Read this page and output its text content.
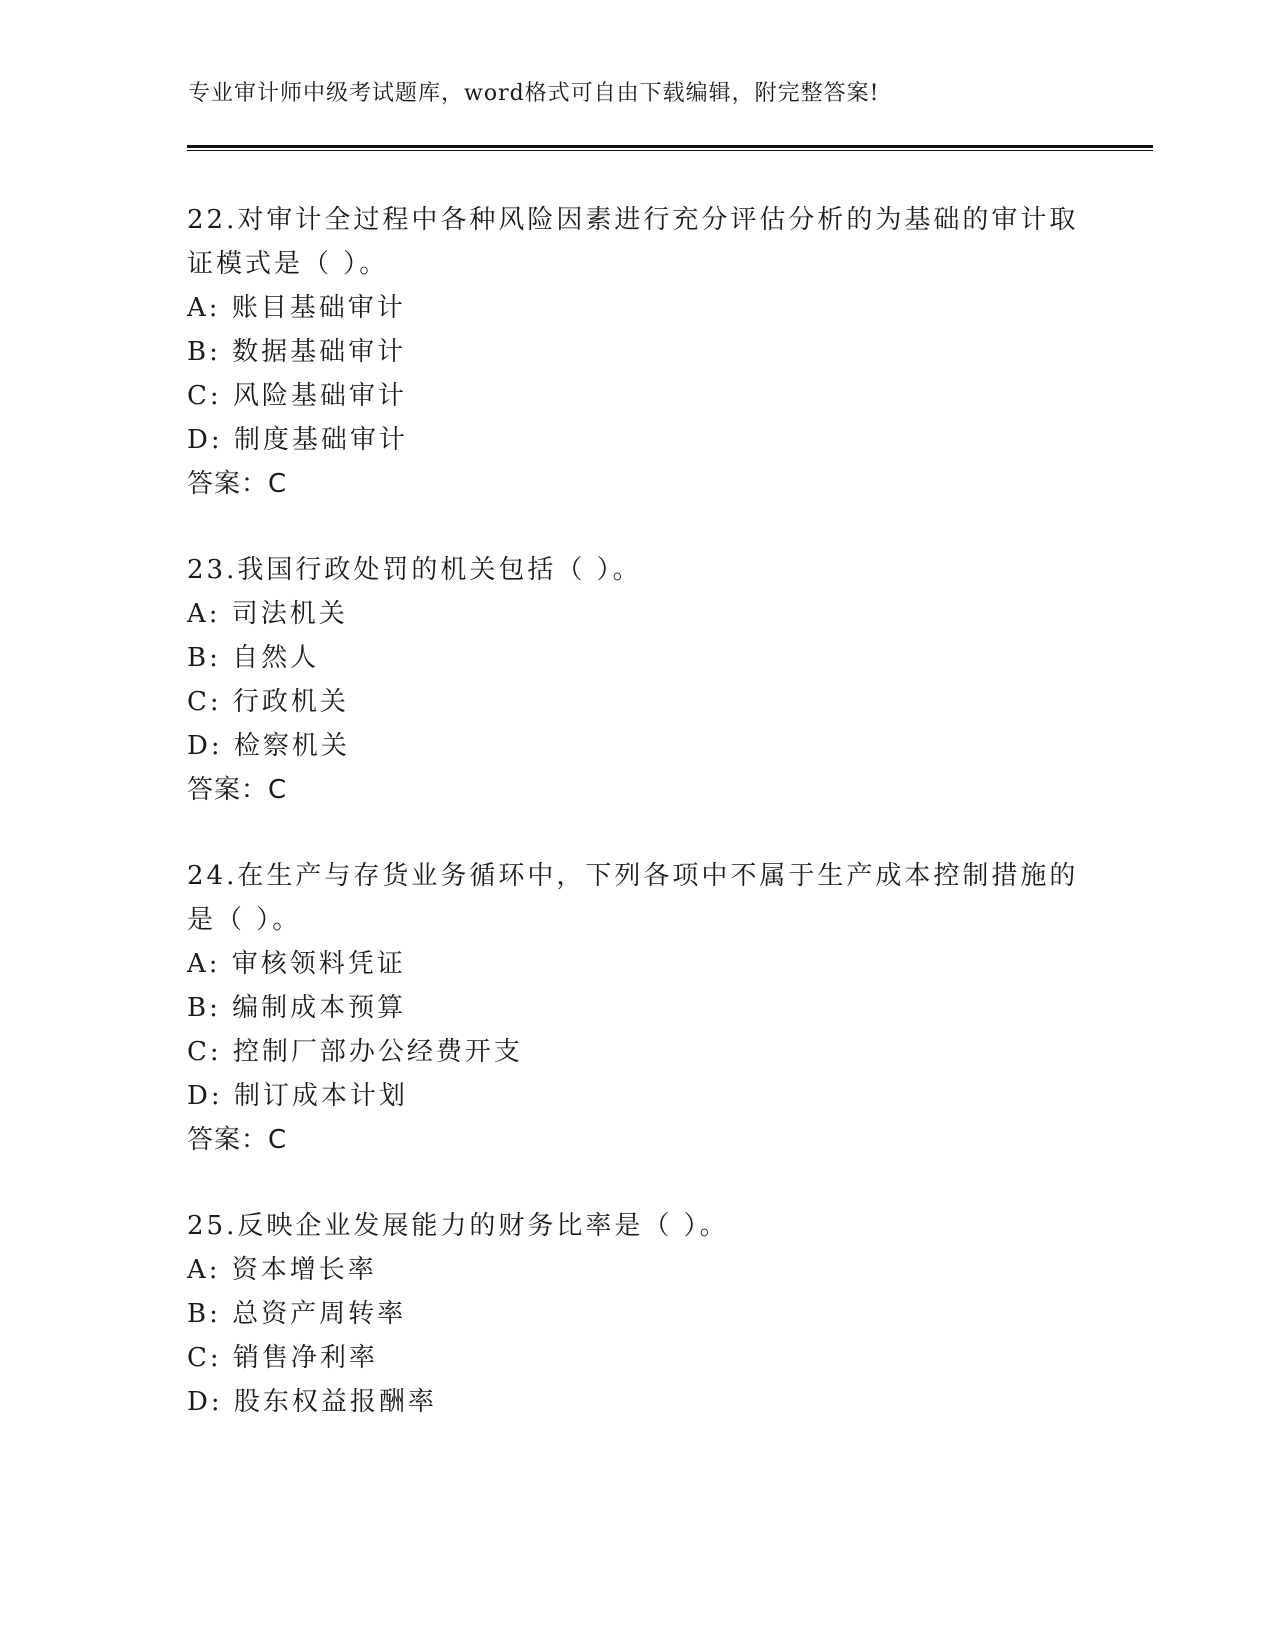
专业审计师中级考试题库，word格式可自由下载编辑，附完整答案!
22.对审计全过程中各种风险因素进行充分评估分析的为基础的审计取
证模式是（ ）。
A: 账目基础审计
B: 数据基础审计
C: 风险基础审计
D: 制度基础审计
答案：C
23.我国行政处罚的机关包括（ ）。
A: 司法机关
B: 自然人
C: 行政机关
D: 检察机关
答案：C
24.在生产与存货业务循环中，下列各项中不属于生产成本控制措施的
是（ ）。
A: 审核领料凭证
B: 编制成本预算
C: 控制厂部办公经费开支
D: 制订成本计划
答案：C
25.反映企业发展能力的财务比率是（ ）。
A: 资本增长率
B: 总资产周转率
C: 销售净利率
D: 股东权益报酬率
